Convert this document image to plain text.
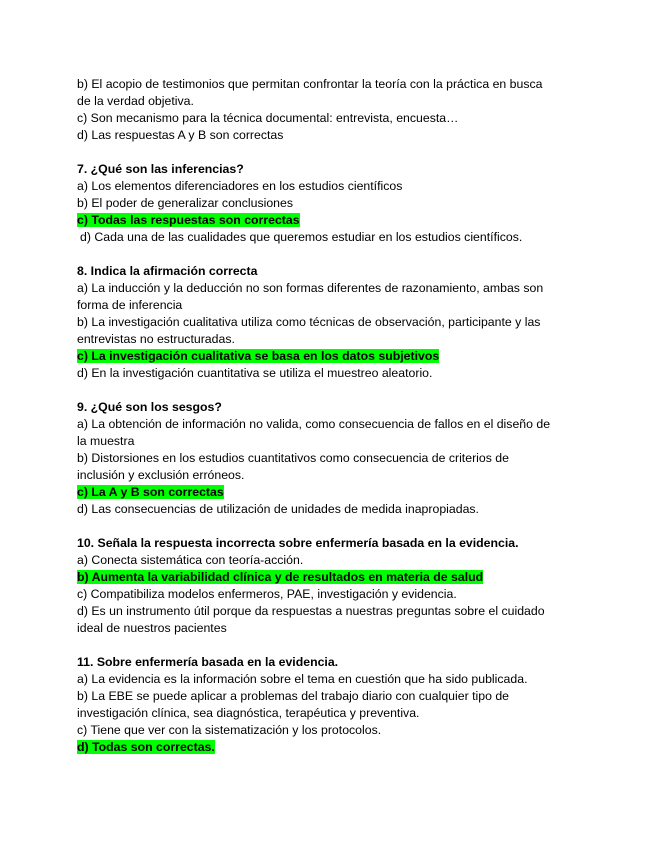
b) El acopio de testimonios que permitan confrontar la teoría con la práctica en busca
de la verdad objetiva.
c) Son mecanismo para la técnica documental: entrevista, encuesta…
d) Las respuestas A y B son correctas
7. ¿Qué son las inferencias?
a) Los elementos diferenciadores en los estudios científicos
b) El poder de generalizar conclusiones
c) Todas las respuestas son correctas
d) Cada una de las cualidades que queremos estudiar en los estudios científicos.
8. Indica la afirmación correcta
a) La inducción y la deducción no son formas diferentes de razonamiento, ambas son
forma de inferencia
b) La investigación cualitativa utiliza como técnicas de observación, participante y las
entrevistas no estructuradas.
c) La investigación cualitativa se basa en los datos subjetivos
d) En la investigación cuantitativa se utiliza el muestreo aleatorio.
9. ¿Qué son los sesgos?
a) La obtención de información no valida, como consecuencia de fallos en el diseño de
la muestra
b) Distorsiones en los estudios cuantitativos como consecuencia de criterios de
inclusión y exclusión erróneos.
c) La A y B son correctas
d) Las consecuencias de utilización de unidades de medida inapropiadas.
10. Señala la respuesta incorrecta sobre enfermería basada en la evidencia.
a) Conecta sistemática con teoría-acción.
b) Aumenta la variabilidad clínica y de resultados en materia de salud
c) Compatibiliza modelos enfermeros, PAE, investigación y evidencia.
d) Es un instrumento útil porque da respuestas a nuestras preguntas sobre el cuidado
ideal de nuestros pacientes
11. Sobre enfermería basada en la evidencia.
a) La evidencia es la información sobre el tema en cuestión que ha sido publicada.
b) La EBE se puede aplicar a problemas del trabajo diario con cualquier tipo de
investigación clínica, sea diagnóstica, terapéutica y preventiva.
c) Tiene que ver con la sistematización y los protocolos.
d) Todas son correctas.
